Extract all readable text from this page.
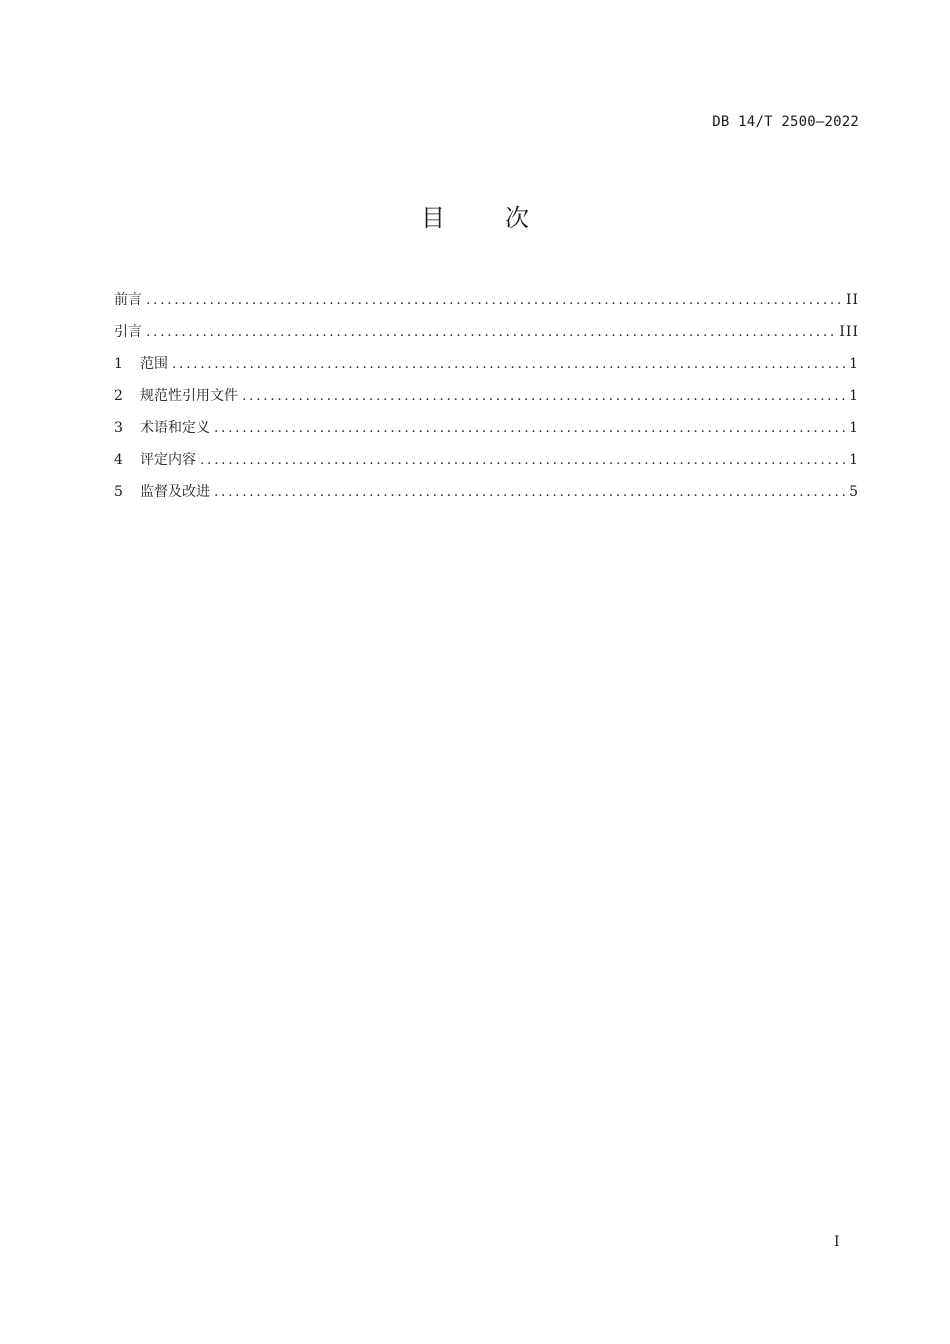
DB 14/T 2500—2022
目	次
前言 .....	II
引言 .....	III
1	范围 .....	1
2	规范性引用文件 .....	1
3	术语和定义 .....	1
4	评定内容 .....	1
5	监督及改进 .....	5
I
